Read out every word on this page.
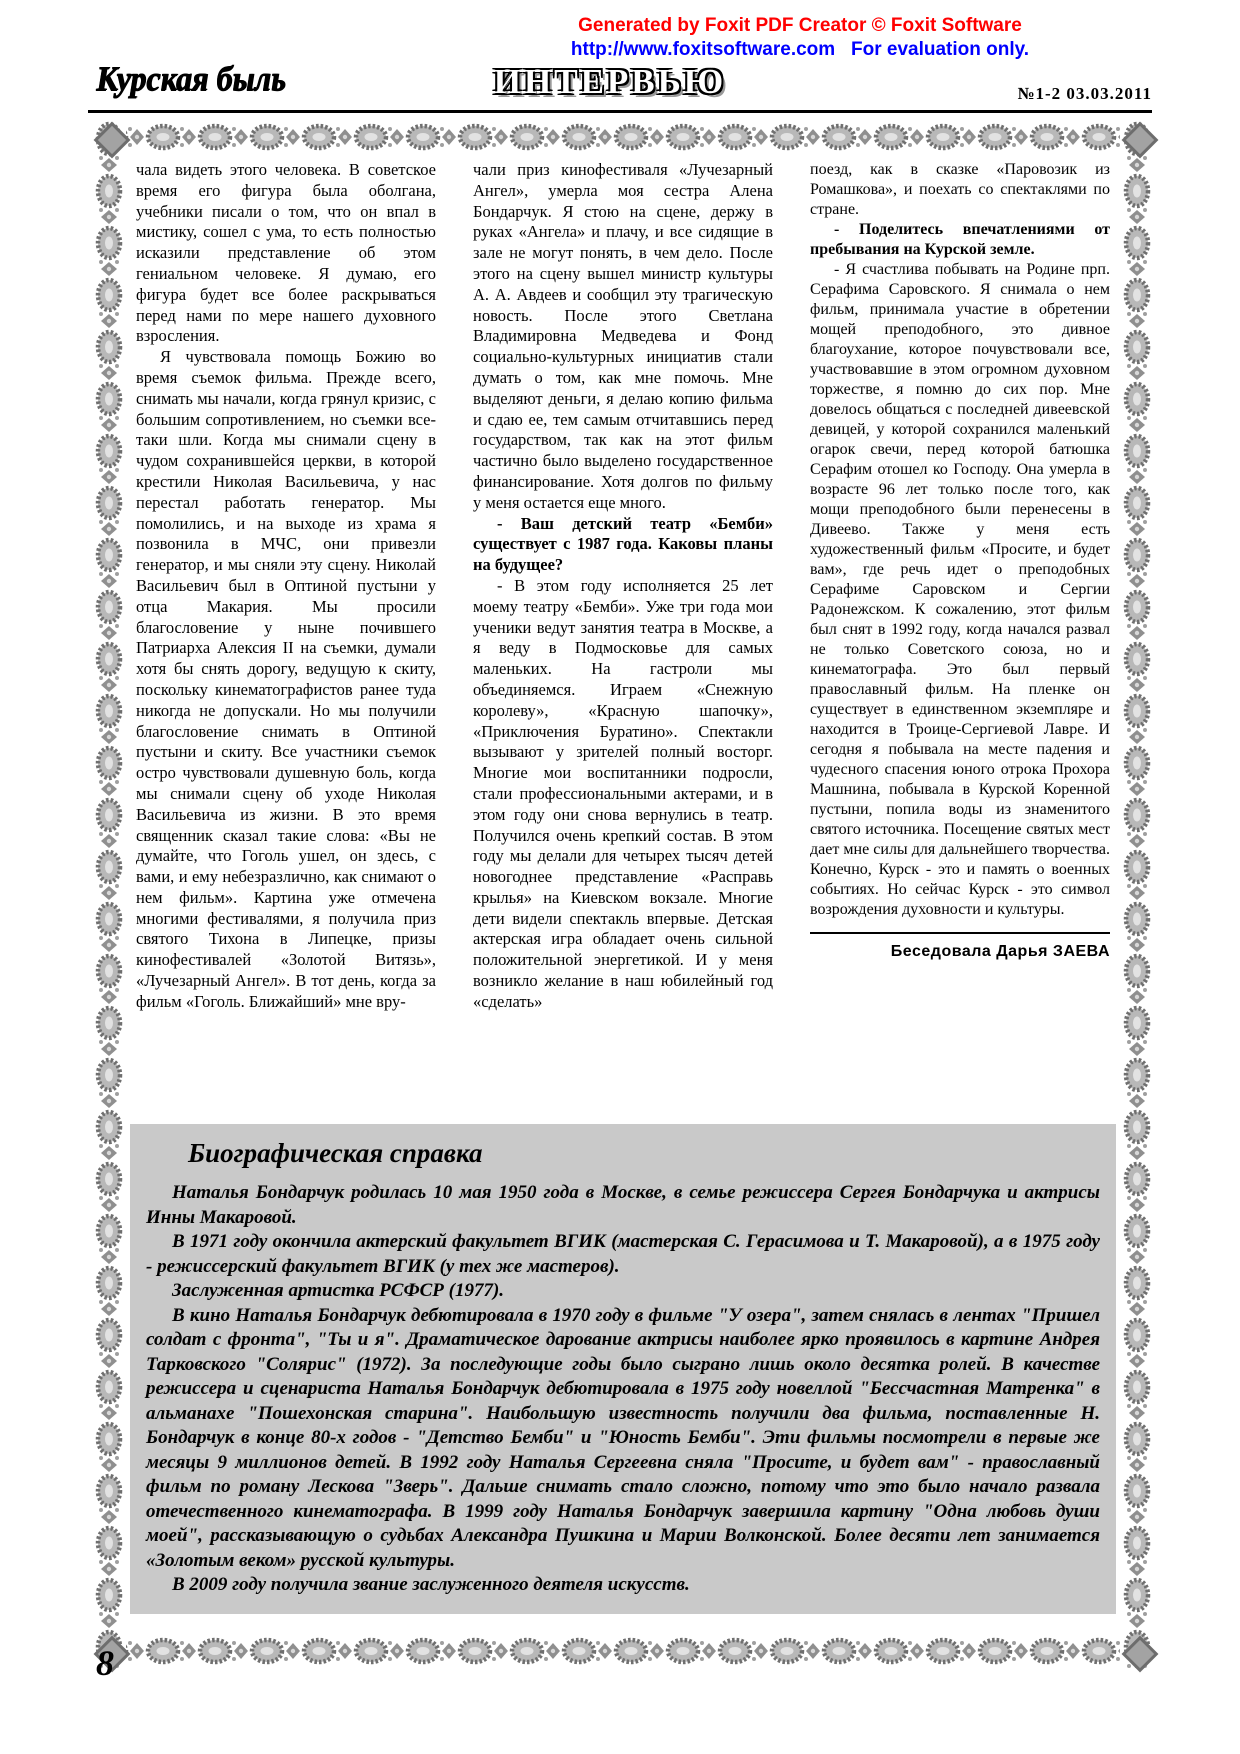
Generated by Foxit PDF Creator © Foxit Software
http://www.foxitsoftware.com   For evaluation only.
Курская быль	ИНТЕРВЬЮ	№1-2 03.03.2011

чала видеть этого человека. В советское время его фигура была оболгана, учебники писали о том, что он впал в мистику, сошел с ума, то есть полностью исказили представление об этом гениальном человеке. Я думаю, его фигура будет все более раскрываться перед нами по мере нашего духовного взросления.

Я чувствовала помощь Божию во время съемок фильма. Прежде всего, снимать мы начали, когда грянул кризис, с большим сопротивлением, но съемки все-таки шли. Когда мы снимали сцену в чудом сохранившейся церкви, в которой крестили Николая Васильевича, у нас перестал работать генератор. Мы помолились, и на выходе из храма я позвонила в МЧС, они привезли генератор, и мы сняли эту сцену. Николай Васильевич был в Оптиной пустыни у отца Макария. Мы просили благословение у ныне почившего Патриарха Алексия II на съемки, думали хотя бы снять дорогу, ведущую к скиту, поскольку кинематографистов ранее туда никогда не допускали. Но мы получили благословение снимать в Оптиной пустыни и скиту. Все участники съемок остро чувствовали душевную боль, когда мы снимали сцену об уходе Николая Васильевича из жизни. В это время священник сказал такие слова: «Вы не думайте, что Гоголь ушел, он здесь, с вами, и ему небезразлично, как снимают о нем фильм». Картина уже отмечена многими фестивалями, я получила приз святого Тихона в Липецке, призы кинофестивалей «Золотой Витязь», «Лучезарный Ангел». В тот день, когда за фильм «Гоголь. Ближайший» мне вру-

чали приз кинофестиваля «Лучезарный Ангел», умерла моя сестра Алена Бондарчук. Я стою на сцене, держу в руках «Ангела» и плачу, и все сидящие в зале не могут понять, в чем дело. После этого на сцену вышел министр культуры А. А. Авдеев и сообщил эту трагическую новость. После этого Светлана Владимировна Медведева и Фонд социально-культурных инициатив стали думать о том, как мне помочь. Мне выделяют деньги, я делаю копию фильма и сдаю ее, тем самым отчитавшись перед государством, так как на этот фильм частично было выделено государственное финансирование. Хотя долгов по фильму у меня остается еще много.

- Ваш детский театр «Бемби» существует с 1987 года. Каковы планы на будущее?

- В этом году исполняется 25 лет моему театру «Бемби». Уже три года мои ученики ведут занятия театра в Москве, а я веду в Подмосковье для самых маленьких. На гастроли мы объединяемся. Играем «Снежную королеву», «Красную шапочку», «Приключения Буратино». Спектакли вызывают у зрителей полный восторг. Многие мои воспитанники подросли, стали профессиональными актерами, и в этом году они снова вернулись в театр. Получился очень крепкий состав. В этом году мы делали для четырех тысяч детей новогоднее представление «Расправь крылья» на Киевском вокзале. Многие дети видели спектакль впервые. Детская актерская игра обладает очень сильной положительной энергетикой. И у меня возникло желание в наш юбилейный год «сделать»

поезд, как в сказке «Паровозик из Ромашкова», и поехать со спектаклями по стране.

- Поделитесь впечатлениями от пребывания на Курской земле.

- Я счастлива побывать на Родине прп. Серафима Саровского. Я снимала о нем фильм, принимала участие в обретении мощей преподобного, это дивное благоухание, которое почувствовали все, участвовавшие в этом огромном духовном торжестве, я помню до сих пор. Мне довелось общаться с последней дивеевской девицей, у которой сохранился маленький огарок свечи, перед которой батюшка Серафим отошел ко Господу. Она умерла в возрасте 96 лет только после того, как мощи преподобного были перенесены в Дивеево. Также у меня есть художественный фильм «Просите, и будет вам», где речь идет о преподобных Серафиме Саровском и Сергии Радонежском. К сожалению, этот фильм был снят в 1992 году, когда начался развал не только Советского союза, но и кинематографа. Это был первый православный фильм. На пленке он существует в единственном экземпляре и находится в Троице-Сергиевой Лавре. И сегодня я побывала на месте падения и чудесного спасения юного отрока Прохора Машнина, побывала в Курской Коренной пустыни, попила воды из знаменитого святого источника. Посещение святых мест дает мне силы для дальнейшего творчества. Конечно, Курск - это и память о военных событиях. Но сейчас Курск - это символ возрождения духовности и культуры.

Беседовала Дарья ЗАЕВА
Биографическая справка

Наталья Бондарчук родилась 10 мая 1950 года в Москве, в семье режиссера Сергея Бондарчука и актрисы Инны Макаровой.

В 1971 году окончила актерский факультет ВГИК (мастерская С. Герасимова и Т. Макаровой), а в 1975 году - режиссерский факультет ВГИК (у тех же мастеров).

Заслуженная артистка РСФСР (1977).

В кино Наталья Бондарчук дебютировала в 1970 году в фильме "У озера", затем снялась в лентах "Пришел солдат с фронта", "Ты и я". Драматическое дарование актрисы наиболее ярко проявилось в картине Андрея Тарковского "Солярис" (1972). За последующие годы было сыграно лишь около десятка ролей. В качестве режиссера и сценариста Наталья Бондарчук дебютировала в 1975 году новеллой "Бессчастная Матренка" в альманахе "Пошехонская старина". Наибольшую известность получили два фильма, поставленные Н. Бондарчук в конце 80-х годов - "Детство Бемби" и "Юность Бемби". Эти фильмы посмотрели в первые же месяцы 9 миллионов детей. В 1992 году Наталья Сергеевна сняла "Просите, и будет вам" - православный фильм по роману Лескова "Зверь". Дальше снимать стало сложно, потому что это было начало развала отечественного кинематографа. В 1999 году Наталья Бондарчук завершила картину "Одна любовь души моей", рассказывающую о судьбах Александра Пушкина и Марии Волконской. Более десяти лет занимается «Золотым веком» русской культуры.

В 2009 году получила звание заслуженного деятеля искусств.

8
